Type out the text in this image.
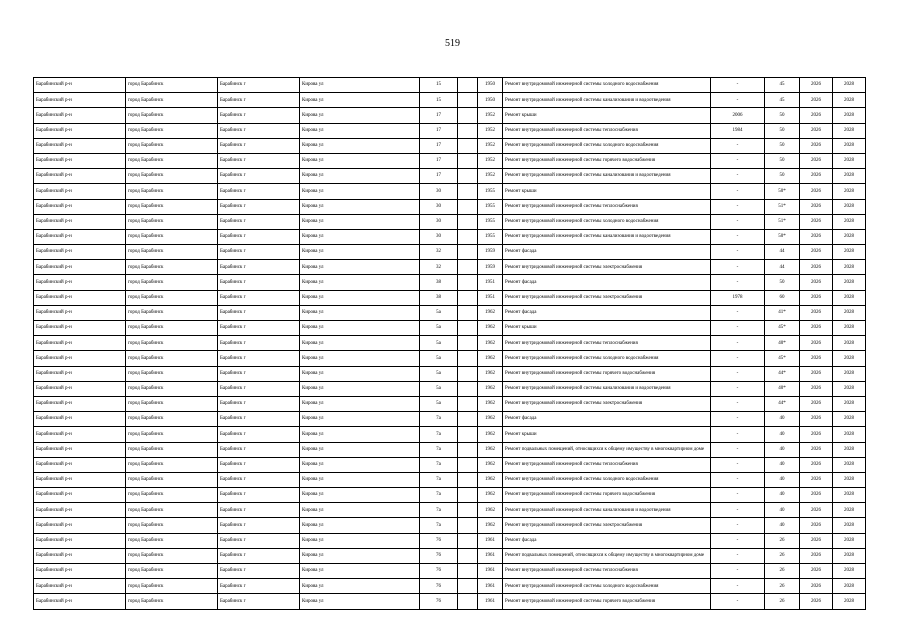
519
Барабинский р-н	город Барабинск	Барабинск г	Кирова ул	15		1950	Ремонт внутридомовой инженерной системы холодного водоснабжения	-	45	2026	2028
Барабинский р-н	город Барабинск	Барабинск г	Кирова ул	15		1950	Ремонт внутридомовой инженерной системы канализования и водоотведения	-	45	2026	2028
Барабинский р-н	город Барабинск	Барабинск г	Кирова ул	17		1952	Ремонт крыши	2006	50	2026	2028
Барабинский р-н	город Барабинск	Барабинск г	Кирова ул	17		1952	Ремонт внутридомовой инженерной системы теплоснабжения	1984	50	2026	2028
Барабинский р-н	город Барабинск	Барабинск г	Кирова ул	17		1952	Ремонт внутридомовой инженерной системы холодного водоснабжения	-	50	2026	2028
Барабинский р-н	город Барабинск	Барабинск г	Кирова ул	17		1952	Ремонт внутридомовой инженерной системы горячего водоснабжения	-	50	2026	2028
Барабинский р-н	город Барабинск	Барабинск г	Кирова ул	17		1952	Ремонт внутридомовой инженерной системы канализования и водоотведения	-	50	2026	2028
Барабинский р-н	город Барабинск	Барабинск г	Кирова ул	30		1955	Ремонт крыши	-	50*	2026	2028
Барабинский р-н	город Барабинск	Барабинск г	Кирова ул	30		1955	Ремонт внутридомовой инженерной системы теплоснабжения	-	51*	2026	2028
Барабинский р-н	город Барабинск	Барабинск г	Кирова ул	30		1955	Ремонт внутридомовой инженерной системы холодного водоснабжения	-	51*	2026	2028
Барабинский р-н	город Барабинск	Барабинск г	Кирова ул	30		1955	Ремонт внутридомовой инженерной системы канализования и водоотведения	-	50*	2026	2028
Барабинский р-н	город Барабинск	Барабинск г	Кирова ул	32		1959	Ремонт фасада	-	44	2026	2028
Барабинский р-н	город Барабинск	Барабинск г	Кирова ул	32		1959	Ремонт внутридомовой инженерной системы электроснабжения	-	44	2026	2028
Барабинский р-н	город Барабинск	Барабинск г	Кирова ул	38		1951	Ремонт фасада	-	50	2026	2028
Барабинский р-н	город Барабинск	Барабинск г	Кирова ул	38		1951	Ремонт внутридомовой инженерной системы электроснабжения	1978	60	2026	2028
Барабинский р-н	город Барабинск	Барабинск г	Кирова ул	5а		1962	Ремонт фасада	-	41*	2026	2028
Барабинский р-н	город Барабинск	Барабинск г	Кирова ул	5а		1962	Ремонт крыши	-	45*	2026	2028
Барабинский р-н	город Барабинск	Барабинск г	Кирова ул	5а		1962	Ремонт внутридомовой инженерной системы теплоснабжения	-	40*	2026	2028
Барабинский р-н	город Барабинск	Барабинск г	Кирова ул	5а		1962	Ремонт внутридомовой инженерной системы холодного водоснабжения	-	45*	2026	2028
Барабинский р-н	город Барабинск	Барабинск г	Кирова ул	5а		1962	Ремонт внутридомовой инженерной системы горячего водоснабжения	-	44*	2026	2028
Барабинский р-н	город Барабинск	Барабинск г	Кирова ул	5а		1962	Ремонт внутридомовой инженерной системы канализования и водоотведения	-	40*	2026	2028
Барабинский р-н	город Барабинск	Барабинск г	Кирова ул	5а		1962	Ремонт внутридомовой инженерной системы электроснабжения	-	44*	2026	2028
Барабинский р-н	город Барабинск	Барабинск г	Кирова ул	7а		1962	Ремонт фасада	-	40	2026	2028
Барабинский р-н	город Барабинск	Барабинск г	Кирова ул	7а		1962	Ремонт крыши	-	40	2026	2028
Барабинский р-н	город Барабинск	Барабинск г	Кирова ул	7а		1962	Ремонт подвальных помещений, относящихся к общему имуществу в многоквартирном доме	-	40	2026	2028
Барабинский р-н	город Барабинск	Барабинск г	Кирова ул	7а		1962	Ремонт внутридомовой инженерной системы теплоснабжения	-	40	2026	2028
Барабинский р-н	город Барабинск	Барабинск г	Кирова ул	7а		1962	Ремонт внутридомовой инженерной системы холодного водоснабжения	-	40	2026	2028
Барабинский р-н	город Барабинск	Барабинск г	Кирова ул	7а		1962	Ремонт внутридомовой инженерной системы горячего водоснабжения	-	40	2026	2028
Барабинский р-н	город Барабинск	Барабинск г	Кирова ул	7а		1962	Ремонт внутридомовой инженерной системы канализования и водоотведения	-	40	2026	2028
Барабинский р-н	город Барабинск	Барабинск г	Кирова ул	7а		1962	Ремонт внутридомовой инженерной системы электроснабжения	-	40	2026	2028
Барабинский р-н	город Барабинск	Барабинск г	Кирова ул	76		1961	Ремонт фасада	-	26	2026	2028
Барабинский р-н	город Барабинск	Барабинск г	Кирова ул	76		1961	Ремонт подвальных помещений, относящихся к общему имуществу в многоквартирном доме	-	26	2026	2028
Барабинский р-н	город Барабинск	Барабинск г	Кирова ул	76		1961	Ремонт внутридомовой инженерной системы теплоснабжения	-	26	2026	2028
Барабинский р-н	город Барабинск	Барабинск г	Кирова ул	76		1961	Ремонт внутридомовой инженерной системы холодного водоснабжения	-	26	2026	2028
Барабинский р-н	город Барабинск	Барабинск г	Кирова ул	76		1961	Ремонт внутридомовой инженерной системы горячего водоснабжения	-	26	2026	2028
